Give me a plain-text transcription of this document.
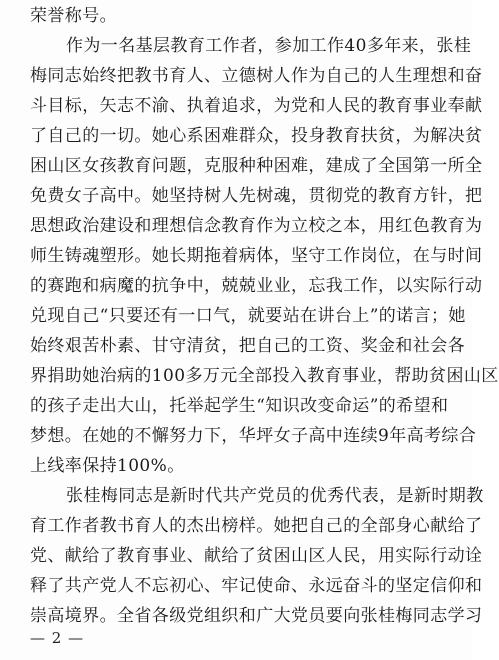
荣誉称号。
作为一名基层教育工作者，参加工作40多年来，张桂
梅同志始终把教书育人、立德树人作为自己的人生理想和奋
斗目标，矢志不渝、执着追求，为党和人民的教育事业奉献
了自己的一切。她心系困难群众，投身教育扶贫，为解决贫
困山区女孩教育问题，克服种种困难，建成了全国第一所全
免费女子高中。她坚持树人先树魂，贯彻党的教育方针，把
思想政治建设和理想信念教育作为立校之本，用红色教育为
师生铸魂塑形。她长期拖着病体，坚守工作岗位，在与时间
的赛跑和病魔的抗争中，兢兢业业，忘我工作，以实际行动
兑现自己“只要还有一口气，就要站在讲台上”的诺言；她
始终艰苦朴素、甘守清贫，把自己的工资、奖金和社会各
界捐助她治病的100多万元全部投入教育事业，帮助贫困山区
的孩子走出大山，托举起学生“知识改变命运”的希望和
梦想。在她的不懈努力下，华坪女子高中连续9年高考综合
上线率保持100%。
张桂梅同志是新时代共产党员的优秀代表，是新时期教
育工作者教书育人的杰出榜样。她把自己的全部身心献给了
党、献给了教育事业、献给了贫困山区人民，用实际行动诠
释了共产党人不忘初心、牢记使命、永远奋斗的坚定信仰和
崇高境界。全省各级党组织和广大党员要向张桂梅同志学习
— 2 —
